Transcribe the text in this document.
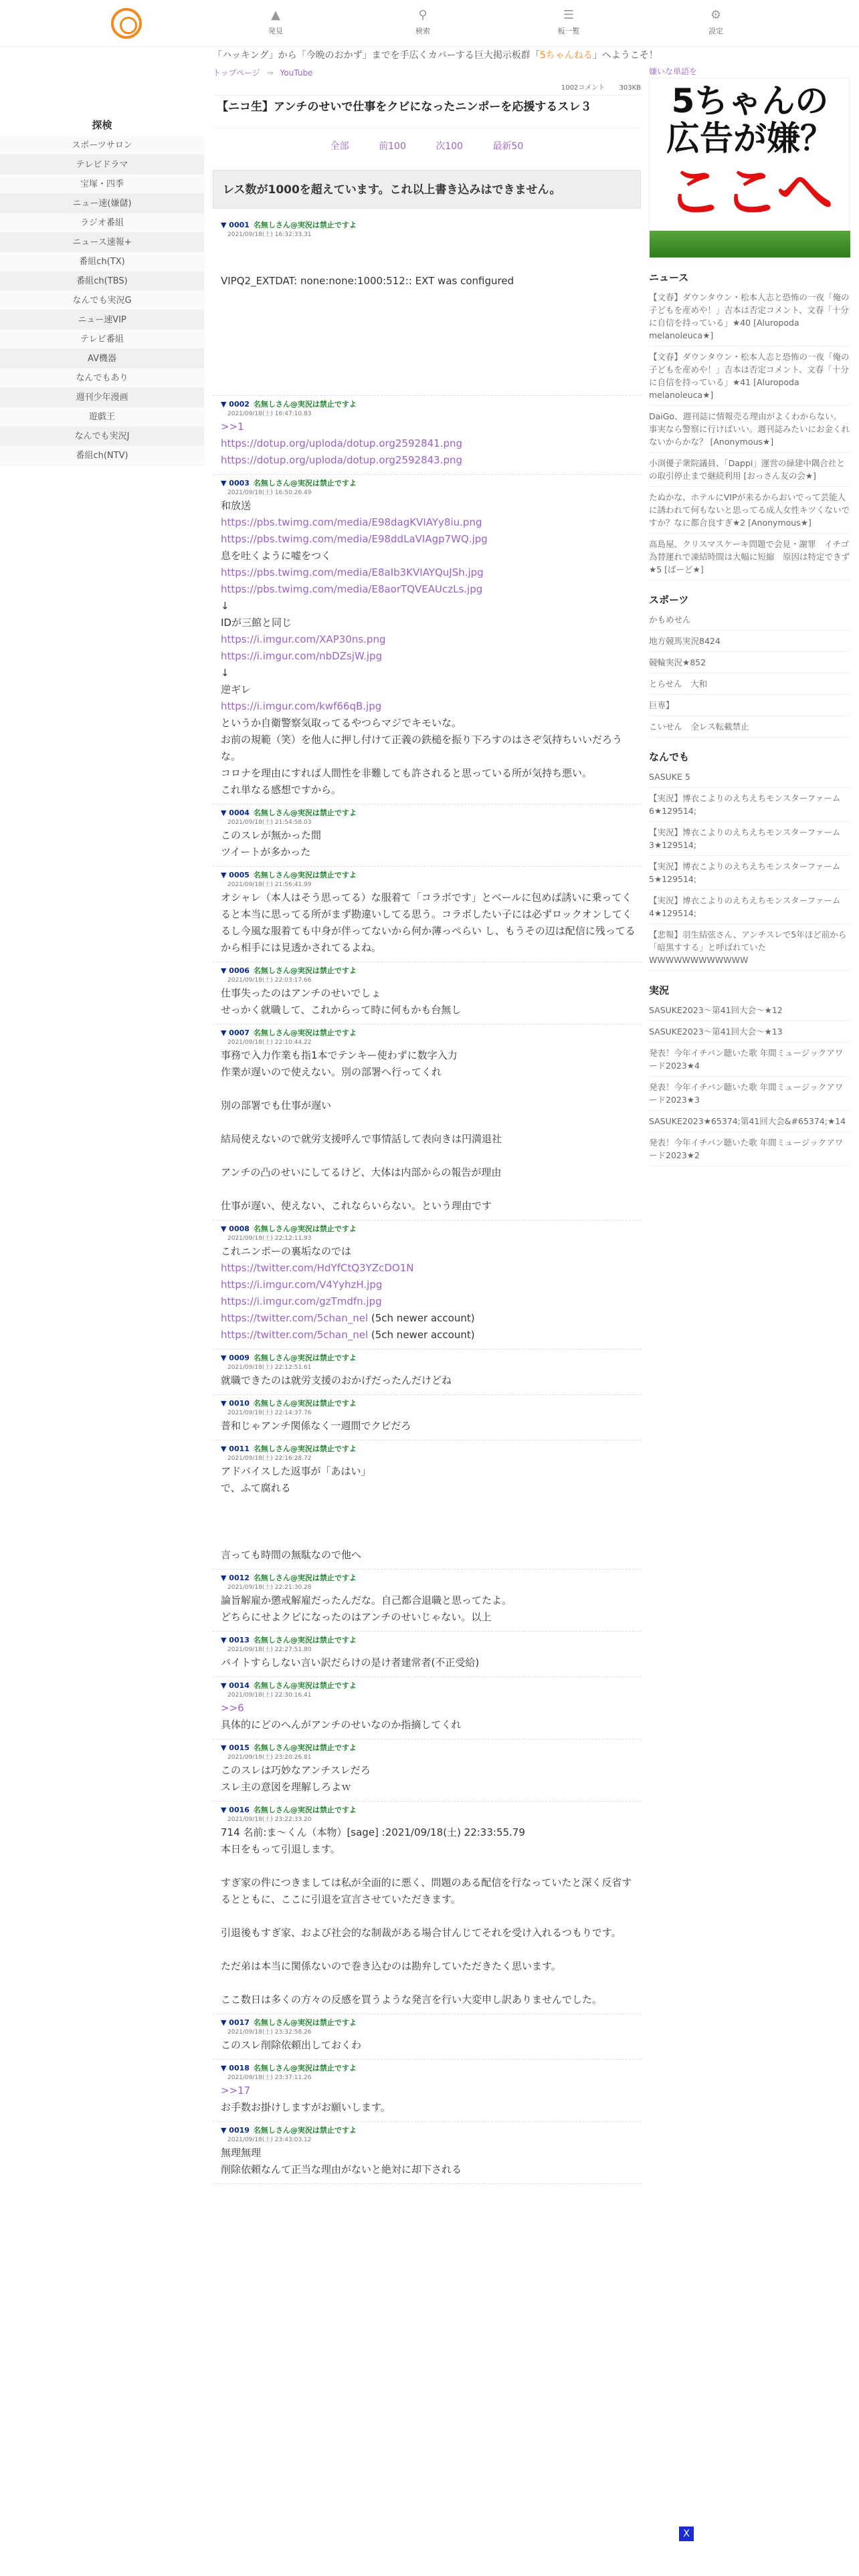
▲
発見
⚲
検索
☰
板一覧
⚙
設定
「ハッキング」から「今晩のおかず」までを手広くカバーする巨大掲示板群「5ちゃんねる」へようこそ！
探検
スポーツサロン
テレビドラマ
宝塚・四季
ニュー速(嫌儲)
ラジオ番組
ニュース速報+
番組ch(TX)
番組ch(TBS)
なんでも実況G
ニュー速VIP
テレビ番組
AV機器
なんでもあり
週刊少年漫画
遊戯王
なんでも実況J
番組ch(NTV)
トップページ ⇒ YouTube
1002コメント 303KB
【ニコ生】アンチのせいで仕事をクビになったニンポーを応援するスレ３
全部	前100	次100	最新50
レス数が1000を超えています。これ以上書き込みはできません。
▼ 0001 名無しさん@実況は禁止ですよ
2021/09/18(土) 16:32:33.31

VIPQ2_EXTDAT: none:none:1000:512:: EXT was configured

▼ 0002 名無しさん@実況は禁止ですよ
2021/09/18(土) 16:47:10.83
>>1
https://dotup.org/uploda/dotup.org2592841.png
https://dotup.org/uploda/dotup.org2592843.png
▼ 0003 名無しさん@実況は禁止ですよ
2021/09/18(土) 16:50:26.49
和放送
https://pbs.twimg.com/media/E98dagKVIAYy8iu.png
https://pbs.twimg.com/media/E98ddLaVIAgp7WQ.jpg
息を吐くように嘘をつく
https://pbs.twimg.com/media/E8aIb3KVIAYQuJSh.jpg
https://pbs.twimg.com/media/E8aorTQVEAUczLs.jpg
↓
IDが三館と同じ
https://i.imgur.com/XAP30ns.png
https://i.imgur.com/nbDZsjW.jpg
↓
逆ギレ
https://i.imgur.com/kwf66qB.jpg
というか自衛警察気取ってるやつらマジでキモいな。
お前の規範（笑）を他人に押し付けて正義の鉄槌を振り下ろすのはさぞ気持ちいいだろうな。
コロナを理由にすれば人間性を非難しても許されると思っている所が気持ち悪い。
これ単なる感想ですから。
▼ 0004 名無しさん@実況は禁止ですよ
2021/09/18(土) 21:54:58.03
このスレが無かった間
ツイートが多かった
▼ 0005 名無しさん@実況は禁止ですよ
2021/09/18(土) 21:56:41.99
オシャレ（本人はそう思ってる）な服着て「コラボです」とベールに包めば誘いに乗ってくると本当に思ってる所がまず勘違いしてる思う。コラボしたい子には必ずロックオンしてくるし今風な服着ても中身が伴ってないから何か薄っぺらい し、もうその辺は配信に残ってるから相手には見透かされてるよね。
▼ 0006 名無しさん@実況は禁止ですよ
2021/09/18(土) 22:03:17.66
仕事失ったのはアンチのせいでしょ
せっかく就職して、これからって時に何もかも台無し
▼ 0007 名無しさん@実況は禁止ですよ
2021/09/18(土) 22:10:44.22
事務で入力作業も指1本でテンキー使わずに数字入力
作業が遅いので使えない。別の部署へ行ってくれ

別の部署でも仕事が遅い

結局使えないので就労支援呼んで事情話して表向きは円満退社

アンチの凸のせいにしてるけど、大体は内部からの報告が理由

仕事が遅い、使えない、これならいらない。という理由です
▼ 0008 名無しさん@実況は禁止ですよ
2021/09/18(土) 22:12:11.93
これニンポーの裏垢なのでは
https://twitter.com/HdYfCtQ3YZcDO1N
https://i.imgur.com/V4YyhzH.jpg
https://i.imgur.com/gzTmdfn.jpg
https://twitter.com/5chan_nel (5ch newer account)
https://twitter.com/5chan_nel (5ch newer account)
▼ 0009 名無しさん@実況は禁止ですよ
2021/09/18(土) 22:12:51.61
就職できたのは就労支援のおかげだったんだけどね
▼ 0010 名無しさん@実況は禁止ですよ
2021/09/18(土) 22:14:37.76
普和じゃアンチ関係なく一週間でクビだろ
▼ 0011 名無しさん@実況は禁止ですよ
2021/09/18(土) 22:16:28.72
アドバイスした返事が「あはい」
で、ふて腐れる

言っても時間の無駄なので他へ
▼ 0012 名無しさん@実況は禁止ですよ
2021/09/18(土) 22:21:30.28
論旨解雇か懲戒解雇だったんだな。自己都合退職と思ってたよ。
どちらにせよクビになったのはアンチのせいじゃない。以上
▼ 0013 名無しさん@実況は禁止ですよ
2021/09/18(土) 22:27:51.80
バイトすらしない言い訳だらけの是け者建常者(不正受給)
▼ 0014 名無しさん@実況は禁止ですよ
2021/09/18(土) 22:30:16.41
>>6
具体的にどのへんがアンチのせいなのか指摘してくれ
▼ 0015 名無しさん@実況は禁止ですよ
2021/09/18(土) 23:20:26.81
このスレは巧妙なアンチスレだろ
スレ主の意図を理解しろよｗ
▼ 0016 名無しさん@実況は禁止ですよ
2021/09/18(土) 23:22:33.20
714 名前:ま～くん（本物）[sage] :2021/09/18(土) 22:33:55.79
本日をもって引退します。

すぎ家の件につきましては私が全面的に悪く、問題のある配信を行なっていたと深く反省するとともに、ここに引退を宣言させていただきます。

引退後もすぎ家、および社会的な制裁がある場合甘んじてそれを受け入れるつもりです。

ただ弟は本当に関係ないので巻き込むのは勘弁していただきたく思います。

ここ数日は多くの方々の反感を買うような発言を行い大変申し訳ありませんでした。
▼ 0017 名無しさん@実況は禁止ですよ
2021/09/18(土) 23:32:58.26
このスレ削除依頼出しておくわ
▼ 0018 名無しさん@実況は禁止ですよ
2021/09/18(土) 23:37:11.26
>>17
お手数お掛けしますがお願いします。
▼ 0019 名無しさん@実況は禁止ですよ
2021/09/18(土) 23:43:03.12
無理無理
削除依頼なんて正当な理由がないと絶対に却下される
嫌いな単語を
5ちゃんの
広告が嫌？
ここへ
ニュース
【文春】ダウンタウン・松本人志と恐怖の一夜「俺の子どもを産めや！」吉本は否定コメント、文春「十分に自信を持っている」★40 [Aluropoda melanoleuca★]
【文春】ダウンタウン・松本人志と恐怖の一夜「俺の子どもを産めや！」吉本は否定コメント、文春「十分に自信を持っている」★41 [Aluropoda melanoleuca★]
DaiGo、週刊誌に情報売る理由がよくわからない。事実なら警察に行けばいい。週刊誌みたいにお金くれないからかな？ [Anonymous★]
小渕優子衆院議員、「Dappi」運営の緑建中隅合社との取引停止まで継続利用 [おっさん友の会★]
たぬかな、ホテルにVIPが来るからおいでって芸能人に誘われて何もないと思ってる成人女性キツくないですか？なに都合良すぎ★2 [Anonymous★]
高島屋、クリスマスケーキ問題で会見・謝罪　イチゴ為替運れで凍結時間は大幅に短縮　原因は特定できず ★5 [ばーど★]
スポーツ
かもめせん
地方競馬実況8424
競輪実況★852
とらせん　大和
巨専】
こいせん　全レス転載禁止
なんでも
SASUKE 5
【実況】博衣こよりのえちえちモンスターファーム6★129514;
【実況】博衣こよりのえちえちモンスターファーム3★129514;
【実況】博衣こよりのえちえちモンスターファーム5★129514;
【実況】博衣こよりのえちえちモンスターファーム4★129514;
【悲報】羽生結弦さん、アンチスレで5年ほど前から「暗黒すする」と呼ばれていた WWWWWWWWWWWW
実況
SASUKE2023～第41回大会～★12
SASUKE2023～第41回大会～★13
発表！今年イチバン聴いた歌 年間ミュージックアワード2023★4
発表！今年イチバン聴いた歌 年間ミュージックアワード2023★3
SASUKE2023★65374;第41回大会&#65374;★14
発表！今年イチバン聴いた歌 年間ミュージックアワード2023★2
X
